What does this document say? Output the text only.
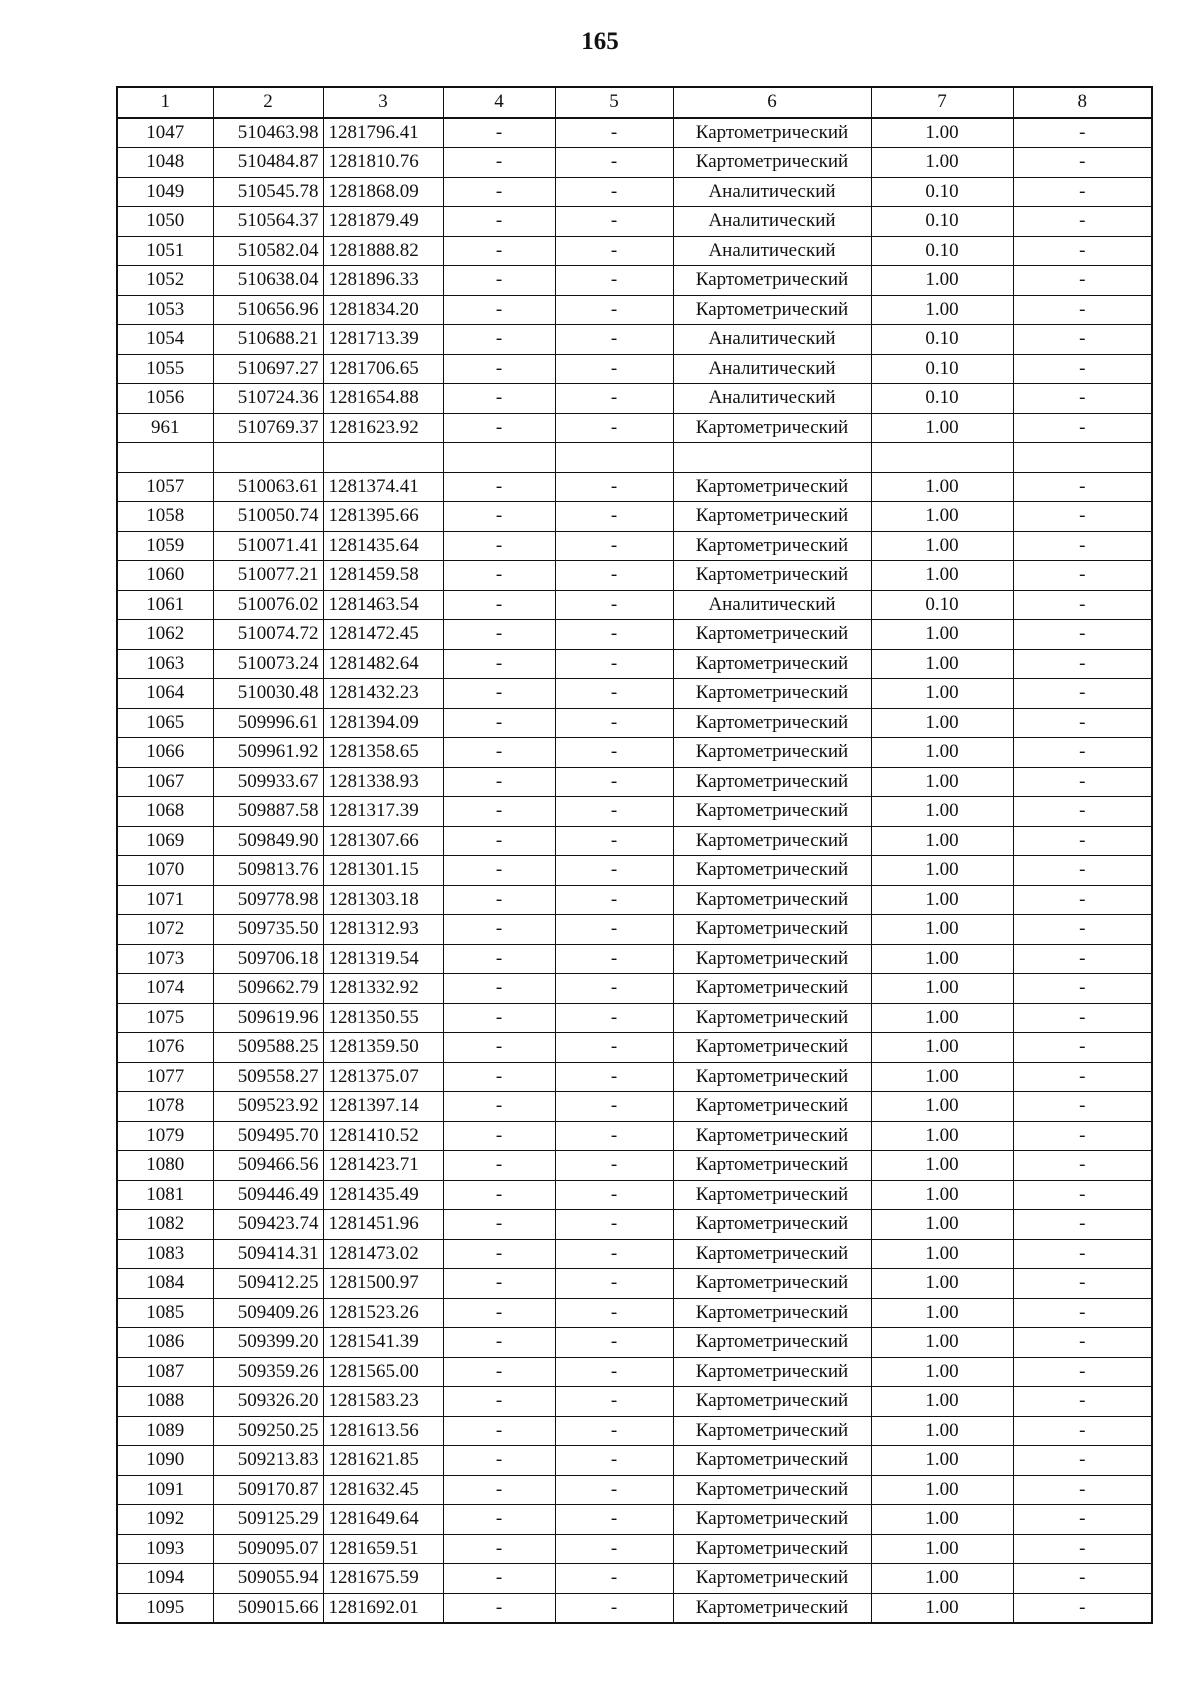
165
1	2	3	4	5	6	7	8
1047	510463.98	1281796.41	-	-	Картометрический	1.00	-
1048	510484.87	1281810.76	-	-	Картометрический	1.00	-
1049	510545.78	1281868.09	-	-	Аналитический	0.10	-
1050	510564.37	1281879.49	-	-	Аналитический	0.10	-
1051	510582.04	1281888.82	-	-	Аналитический	0.10	-
1052	510638.04	1281896.33	-	-	Картометрический	1.00	-
1053	510656.96	1281834.20	-	-	Картометрический	1.00	-
1054	510688.21	1281713.39	-	-	Аналитический	0.10	-
1055	510697.27	1281706.65	-	-	Аналитический	0.10	-
1056	510724.36	1281654.88	-	-	Аналитический	0.10	-
961	510769.37	1281623.92	-	-	Картометрический	1.00	-

1057	510063.61	1281374.41	-	-	Картометрический	1.00	-
1058	510050.74	1281395.66	-	-	Картометрический	1.00	-
1059	510071.41	1281435.64	-	-	Картометрический	1.00	-
1060	510077.21	1281459.58	-	-	Картометрический	1.00	-
1061	510076.02	1281463.54	-	-	Аналитический	0.10	-
1062	510074.72	1281472.45	-	-	Картометрический	1.00	-
1063	510073.24	1281482.64	-	-	Картометрический	1.00	-
1064	510030.48	1281432.23	-	-	Картометрический	1.00	-
1065	509996.61	1281394.09	-	-	Картометрический	1.00	-
1066	509961.92	1281358.65	-	-	Картометрический	1.00	-
1067	509933.67	1281338.93	-	-	Картометрический	1.00	-
1068	509887.58	1281317.39	-	-	Картометрический	1.00	-
1069	509849.90	1281307.66	-	-	Картометрический	1.00	-
1070	509813.76	1281301.15	-	-	Картометрический	1.00	-
1071	509778.98	1281303.18	-	-	Картометрический	1.00	-
1072	509735.50	1281312.93	-	-	Картометрический	1.00	-
1073	509706.18	1281319.54	-	-	Картометрический	1.00	-
1074	509662.79	1281332.92	-	-	Картометрический	1.00	-
1075	509619.96	1281350.55	-	-	Картометрический	1.00	-
1076	509588.25	1281359.50	-	-	Картометрический	1.00	-
1077	509558.27	1281375.07	-	-	Картометрический	1.00	-
1078	509523.92	1281397.14	-	-	Картометрический	1.00	-
1079	509495.70	1281410.52	-	-	Картометрический	1.00	-
1080	509466.56	1281423.71	-	-	Картометрический	1.00	-
1081	509446.49	1281435.49	-	-	Картометрический	1.00	-
1082	509423.74	1281451.96	-	-	Картометрический	1.00	-
1083	509414.31	1281473.02	-	-	Картометрический	1.00	-
1084	509412.25	1281500.97	-	-	Картометрический	1.00	-
1085	509409.26	1281523.26	-	-	Картометрический	1.00	-
1086	509399.20	1281541.39	-	-	Картометрический	1.00	-
1087	509359.26	1281565.00	-	-	Картометрический	1.00	-
1088	509326.20	1281583.23	-	-	Картометрический	1.00	-
1089	509250.25	1281613.56	-	-	Картометрический	1.00	-
1090	509213.83	1281621.85	-	-	Картометрический	1.00	-
1091	509170.87	1281632.45	-	-	Картометрический	1.00	-
1092	509125.29	1281649.64	-	-	Картометрический	1.00	-
1093	509095.07	1281659.51	-	-	Картометрический	1.00	-
1094	509055.94	1281675.59	-	-	Картометрический	1.00	-
1095	509015.66	1281692.01	-	-	Картометрический	1.00	-
